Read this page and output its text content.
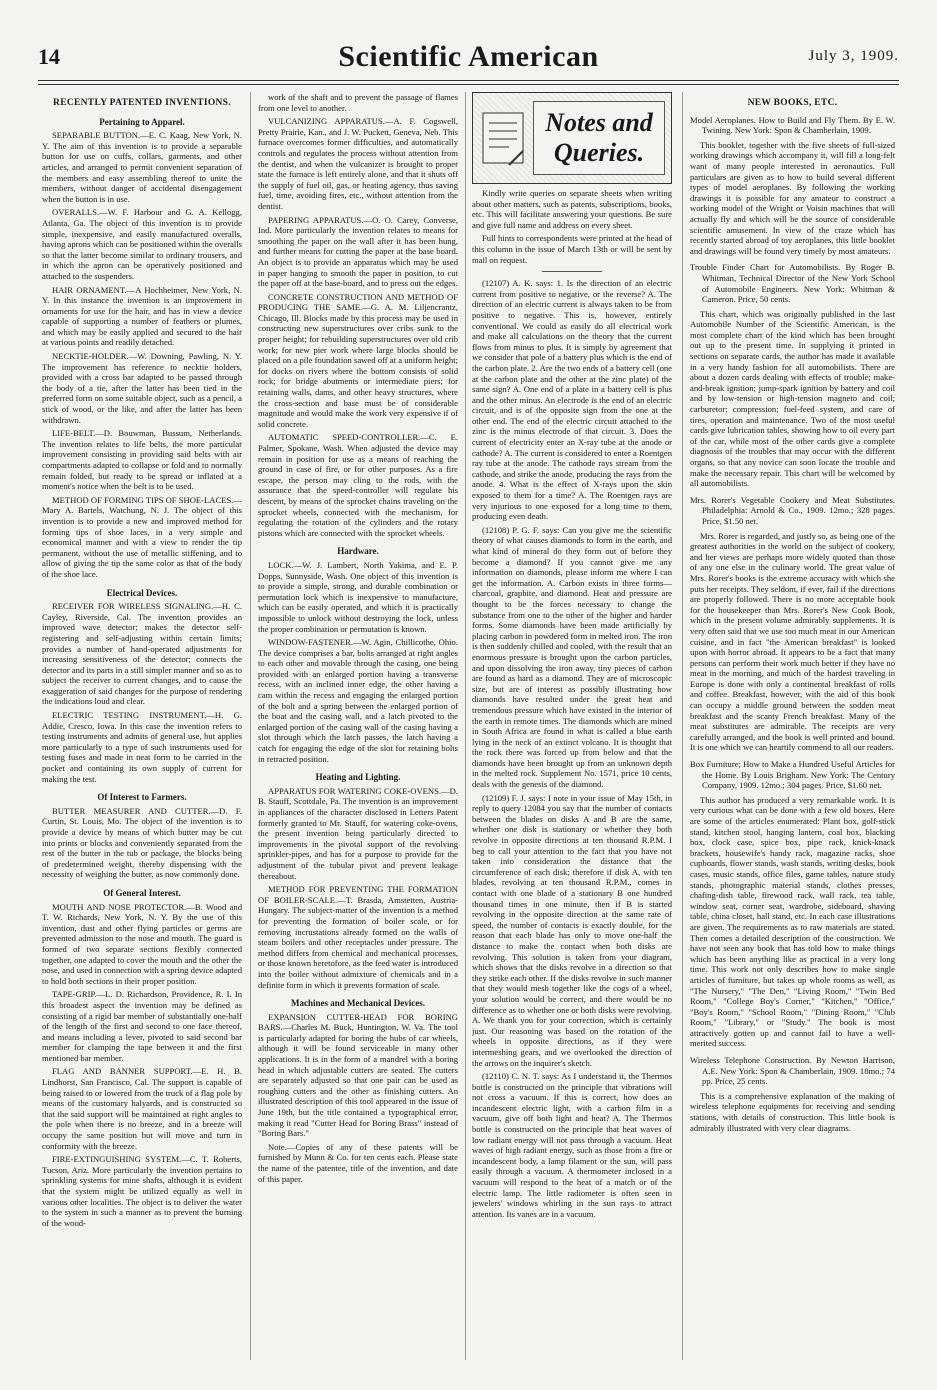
14	Scientific American	July 3, 1909.
RECENTLY PATENTED INVENTIONS.
Pertaining to Apparel.

SEPARABLE BUTTON.—E. C. Kaag, New York, N. Y. The aim of this invention is to provide a separable button for use on cuffs, collars, garments, and other articles, and arranged to permit convenient separation of the members and easy assembling thereof to unite the members, without danger of accidental disengagement when the button is in use.

OVERALLS.—W. F. Harbour and G. A. Kellogg, Atlanta, Ga. The object of this invention is to provide simple, inexpensive, and easily manufactured overalls, having aprons which can be positioned within the overalls so that the latter become similar to ordinary trousers, and in which the apron can be operatively positioned and attached to the suspenders.

HAIR ORNAMENT.—A Hochheimer, New York, N. Y. In this instance the invention is an improvement in ornaments for use for the hair, and has in view a device capable of supporting a number of feathers or plumes, and which may be easily applied and secured to the hair at various points and readily detached.

NECKTIE-HOLDER.—W. Downing, Pawling, N. Y. The improvement has reference to necktie holders, provided with a cross bar adapted to be passed through the body of a tie, after the latter has been tied in the preferred form on some suitable object, such as a pencil, a stick of wood, or the like, and after the latter has been withdrawn.

LIFE-BELT.—D. Bouwman, Bussum, Netherlands. The invention relates to life belts, the more particular improvement consisting in providing said belts with air compartments adapted to collapse or fold and to normally remain folded, but ready to be spread or inflated at a moment's notice when the belt is to be used.

METHOD OF FORMING TIPS OF SHOE-LACES.—Mary A. Bartels, Watchung, N. J. The object of this invention is to provide a new and improved method for forming tips of shoe laces, in a very simple and economical manner and with a view to render the tip permanent, without the use of metallic stiffening, and to allow of giving the tip the same color as that of the body of the shoe lace.

Electrical Devices.

RECEIVER FOR WIRELESS SIGNALING.—H. C. Cayley, Riverside, Cal. The invention provides an improved wave detector; makes the detector self-registering and self-adjusting within certain limits; provides a number of hand-operated adjustments for increasing sensitiveness of the detector; connects the detector and its parts in a still simpler manner and so as to subject the receiver to current changes, and to cause the exaggeration of said changes for the purpose of rendering the indications loud and clear.

ELECTRIC TESTING INSTRUMENT.—H. G. Addie, Cresco, Iowa. In this case the invention refers to testing instruments and admits of general use, but applies more particularly to a type of such instruments used for testing fuses and made in neat form to be carried in the pocket and containing its own supply of current for making the test.

Of Interest to Farmers.

BUTTER MEASURER AND CUTTER.—D. F. Curtin, St. Louis, Mo. The object of the invention is to provide a device by means of which butter may be cut into prints or blocks and conveniently separated from the rest of the butter in the tub or package, the blocks being of predetermined weight, thereby dispensing with the necessity of weighing the butter, as now commonly done.

Of General Interest.

MOUTH AND NOSE PROTECTOR.—B. Wood and T. W. Richards, New York, N. Y. By the use of this invention, dust and other flying particles or germs are prevented admission to the nose and mouth. The guard is formed of two separate sections flexibly connected together, one adapted to cover the mouth and the other the nose, and used in connection with a spring device adapted to hold both sections in their proper position.

TAPE-GRIP.—L. D. Richardson, Providence, R. I. In this broadest aspect the invention may be defined as consisting of a rigid bar member of substantially one-half of the length of the first and second to one face thereof, and means including a lever, pivoted to said second bar member for clamping the tape between it and the first mentioned bar member.

FLAG AND BANNER SUPPORT.—E. H. B. Lindhorst, San Francisco, Cal. The support is capable of being raised to or lowered from the truck of a flag pole by means of the customary halyards, and is constructed so that the said support will be maintained at right angles to the pole when there is no breeze, and in a breeze will occupy the same position but will move and turn in conformity with the breeze.

FIRE-EXTINGUISHING SYSTEM.—C. T. Roberts, Tucson, Ariz. More particularly the invention pertains to sprinkling systems for mine shafts, although it is evident that the system might be utilized equally as well in various other localities. The object is to deliver the water to the system in such a manner as to prevent the burning of the wood-

work of the shaft and to prevent the passage of flames from one level to another.

VULCANIZING APPARATUS.—A. F. Cogswell, Pretty Prairie, Kan., and J. W. Puckett, Geneva, Neb. This furnace overcomes former difficulties, and automatically controls and regulates the process without attention from the dentist, and when the vulcanizer is brought to proper state the furnace is left entirely alone, and that it shuts off the supply of fuel oil, gas, or heating agency, thus saving fuel, time, avoiding fires, etc., without attention from the dentist.

PAPERING APPARATUS.—O. O. Carey, Converse, Ind. More particularly the invention relates to means for smoothing the paper on the wall after it has been hung, and further means for cutting the paper at the base board. An object is to provide an apparatus which may be used in paper hanging to smooth the paper in position, to cut the paper off at the base-board, and to press out the edges.

CONCRETE CONSTRUCTION AND METHOD OF PRODUCING THE SAME.—G. A. M. Liljencrantz, Chicago, Ill. Blocks made by this process may be used in constructing new superstructures over cribs sunk to the proper height; for rebuilding superstructures over old crib work; for new pier work where large blocks should be placed on a pile foundation sawed off at a uniform height; for docks on rivers where the bottom consists of solid rock; for bridge abutments or intermediate piers; for retaining walls, dams, and other heavy structures, where the cross-section and base must be of considerable magnitude and would make the work very expensive if of solid concrete.

AUTOMATIC SPEED-CONTROLLER.—C. E. Palmer, Spokane, Wash. When adjusted the device may remain in position for use as a means of reaching the ground in case of fire, or for other purposes. As a fire escape, the person may cling to the rods, with the assurance that the speed-controller will regulate his descent, by means of the sprocket chains traveling on the sprocket wheels, connected with the mechanism, for regulating the rotation of the cylinders and the rotary pistons which are connected with the sprocket wheels.

Hardware.

LOCK.—W. J. Lambert, North Yakima, and E. P. Dopps, Sunnyside, Wash. One object of this invention is to provide a simple, strong, and durable combination or permutation lock which is inexpensive to manufacture, which can be easily operated, and which it is practically impossible to unlock without destroying the lock, unless the proper combination or permutation is known.

WINDOW-FASTENER.—W. Agin, Chillicothe, Ohio. The device comprises a bar, bolts arranged at right angles to each other and movable through the casing, one being provided with an enlarged portion having a transverse recess, with an inclined inner edge, the other having a cam within the recess and engaging the enlarged portion of the bolt and a spring between the enlarged portion of the boat and the casing wall, and a latch pivoted to the enlarged portion of the casing wall of the casing having a slot through which the latch passes, the latch having a catch for engaging the edge of the slot for retaining bolts in retracted position.

Heating and Lighting.

APPARATUS FOR WATERING COKE-OVENS.—D. B. Stauff, Scottdale, Pa. The invention is an improvement in appliances of the character disclosed in Letters Patent formerly granted to Mr. Stauff, for watering coke-ovens, the present invention being particularly directed to improvements in the pivotal support of the revolving sprinkler-pipes, and has for a purpose to provide for the adjustment of the tubular pivot and prevent leakage thereabout.

METHOD FOR PREVENTING THE FORMATION OF BOILER-SCALE.—T. Brasda, Amstetten, Austria-Hungary. The subject-matter of the invention is a method for preventing the formation of boiler scale, or for removing incrustations already formed on the walls of steam boilers and other receptacles under pressure. The method differs from chemical and mechanical processes, or those known heretofore, as the feed water is introduced into the boiler without admixture of chemicals and in a definite form in which it prevents formation of scale.

Machines and Mechanical Devices.

EXPANSION CUTTER-HEAD FOR BORING BARS.—Charles M. Buck, Huntington, W. Va. The tool is particularly adapted for boring the hubs of car wheels, although it will be found serviceable in many other applications. It is in the form of a mandrel with a boring head in which adjustable cutters are seated. The cutters are separately adjusted so that one pair can be used as roughing cutters and the other as finishing cutters. An illustrated description of this tool appeared in the issue of June 19th, but the title contained a typographical error, making it read "Cutter Head for Boring Brass" instead of "Boring Bars."

Note.—Copies of any of these patents will be furnished by Munn & Co. for ten cents each. Please state the name of the patentee, title of the invention, and date of this paper.

Notes and Queries.

Kindly write queries on separate sheets when writing about other matters, such as patents, subscriptions, books, etc. This will facilitate answering your questions. Be sure and give full name and address on every sheet.

Full hints to correspondents were printed at the head of this column in the issue of March 13th or will be sent by mail on request.

(12107) A. K. says: 1. Is the direction of an electric current from positive to negative, or the reverse? A. The direction of an electric current is always taken to be from positive to negative. This is, however, entirely conventional. We could as easily do all electrical work and make all calculations on the theory that the current flows from minus to plus. It is simply by agreement that we consider that pole of a battery plus which is the end of the carbon plate. 2. Are the two ends of a battery cell (one at the carbon plate and the other at the zinc plate) of the same sign? A. One end of a plate in a battery cell is plus and the other minus. An electrode is the end of an electric circuit, and is of the opposite sign from the one at the other end. The end of the electric circuit attached to the zinc is the minus electrode of that circuit. 3. Does the current of electricity enter an X-ray tube at the anode or cathode? A. The current is considered to enter a Roentgen ray tube at the anode. The cathode rays stream from the cathode, and strike the anode, producing the rays from the anode. 4. What is the effect of X-rays upon the skin exposed to them for a time? A. The Roentgen rays are very injurious to one exposed for a long time to them, producing even death.

(12108) P. G. F. says: Can you give me the scientific theory of what causes diamonds to form in the earth, and what kind of mineral do they form out of before they become a diamond? If you cannot give me any information on diamonds, please inform me where I can get the information. A. Carbon exists in three forms—charcoal, graphite, and diamond. Heat and pressure are thought to be the forces necessary to change the substance from one to the other of the higher and harder forms. Some diamonds have been made artificially by placing carbon in powdered form in melted iron. The iron is then suddenly chilled and cooled, with the result that an enormous pressure is brought upon the carbon particles, and upon dissolving the iron away, tiny pieces of carbon are found as hard as a diamond. They are of microscopic size, but are of interest as possibly illustrating how diamonds have resulted under the great heat and tremendous pressure which have existed in the interior of the earth in remote times. The diamonds which are mined in South Africa are found in what is called a blue earth lying in the neck of an extinct volcano. It is thought that the rock there was forced up from below and that the diamonds have been brought up from an unknown depth in the melted rock. Supplement No. 1571, price 10 cents, deals with the genesis of the diamond.

(12109) F. J. says: I note in your issue of May 15th, in reply to query 12084 you say that the number of contacts between the blades on disks A and B are the same, whether one disk is stationary or whether they both revolve in opposite directions at ten thousand R.P.M. I beg to call your attention to the fact that you have not taken into consideration the distance that the circumference of each disk; therefore if disk A, with ten blades, revolving at ten thousand R.P.M., comes in contact with one blade of a stationary B one hundred thousand times in one minute, then if B is started revolving in the opposite direction at the same rate of speed, the number of contacts is exactly double, for the reason that each blade has only to move one-half the distance to make the contact when both disks are revolving. This solution is taken from your diagram, which shows that the disks revolve in a direction so that they strike each other. If the disks revolve in such manner that they would mesh together like the cogs of a wheel, your solution would be correct, and there would be no difference as to whether one or both disks were revolving. A. We thank you for your correction, which is certainly just. Our reasoning was based on the rotation of the wheels in opposite directions, as if they were intermeshing gears, and we overlooked the direction of the arrows on the inquirer's sketch.

(12110) C. N. T. says: As I understand it, the Thermos bottle is constructed on the principle that vibrations will not cross a vacuum. If this is correct, how does an incandescent electric light, with a carbon film in a vacuum, give off both light and heat? A. The Thermos bottle is constructed on the principle that heat waves of low radiant energy will not pass through a vacuum. Heat waves of high radiant energy, such as those from a fire or incandescent body, a lamp filament or the sun, will pass easily through a vacuum. A thermometer inclosed in a vacuum will respond to the heat of a match or of the electric lamp. The little radiometer is often seen in jewelers' windows whirling in the sun rays to attract attention. Its vanes are in a vacuum.

NEW BOOKS, ETC.

Model Aeroplanes. How to Build and Fly Them. By E. W. Twining. New York: Spon & Chamberlain, 1909.

This booklet, together with the five sheets of full-sized working drawings which accompany it, will fill a long-felt want of many people interested in aeronautics. Full particulars are given as to how to build several different types of model aeroplanes. By following the working drawings it is possible for any amateur to construct a working model of the Wright or Voisin machines that will actually fly and which will be the source of considerable scientific amusement. In view of the craze which has recently started abroad of toy aeroplanes, this little booklet and drawings will be found very timely by most amateurs.

Trouble Finder Chart for Automobilists. By Roger B. Whitman, Technical Director of the New York School of Automobile Engineers. New York: Whitman & Cameron. Price, 50 cents.

This chart, which was originally published in the last Automobile Number of the Scientific American, is the most complete chart of the kind which has been brought out up to the present time. In supplying it printed in sections on separate cards, the author has made it available in a very handy fashion for all automobilists. There are about a dozen cards dealing with effects of trouble; make-and-break ignition; jump-spark ignition by battery and coil and by low-tension or high-tension magneto and coil; carburetor; compression; fuel-feed system, and care of tires, operation and maintenance. Two of the most useful cards give lubrication tables, showing how to oil every part of the car, while most of the other cards give a complete diagnosis of the troubles that may occur with the different organs, so that any novice can soon locate the trouble and make the necessary repair. This chart will be welcomed by all automobilists.

Mrs. Rorer's Vegetable Cookery and Meat Substitutes. Philadelphia: Arnold & Co., 1909. 12mo.; 328 pages. Price, $1.50 net.

Mrs. Rorer is regarded, and justly so, as being one of the greatest authorities in the world on the subject of cookery, and her views are perhaps more widely quoted than those of any one else in the culinary world. The great value of Mrs. Rorer's books is the extreme accuracy with which she puts her receipts. They seldom, if ever, fail if the directions are properly followed. There is no more acceptable book for the housekeeper than Mrs. Rorer's New Cook Book, which in the present volume admirably supplements. It is very often said that we use too much meat in our American cuisine, and in fact "the American breakfast" is looked upon with horror abroad. It appears to be a fact that many persons can perform their work much better if they have no meat in the morning, and much of the hardest traveling in Europe is done with only a continental breakfast of rolls and coffee. Breakfast, however, with the aid of this book can occupy a middle ground between the sodden meat breakfast and the scanty French breakfast. Many of the meat substitutes are admirable. The receipts are very carefully arranged, and the book is well printed and bound. It is one which we can heartily commend to all our readers.

Box Furniture; How to Make a Hundred Useful Articles for the Home. By Louis Brigham. New York: The Century Company, 1909. 12mo.; 304 pages. Price, $1.60 net.

This author has produced a very remarkable work. It is very curious what can be done with a few old boxes. Here are some of the articles enumerated: Plant box, golf-stick stand, kitchen stool, hanging lantern, coal box, blacking box, clock case, spice box, pipe rack, knick-knack brackets, housewife's handy rack, magazine racks, shoe cupboards, flower stands, wash stands, writing desks, book cases, music stands, office files, game tables, nature study stands, photographic material stands, clothes presses, chafing-dish table, firewood rack, wall rack, tea table, window seat, corner seat, wardrobe, sideboard, shaving table, china closet, hall stand, etc. In each case illustrations are given. The requirements as to raw materials are stated. Then comes a detailed description of the construction. We have not seen any book that has told how to make things which has been anything like as practical in a very long time. This work not only describes how to make single articles of furniture, but takes up whole rooms as well, as "The Nursery," "The Den," "Living Room," "Twin Bed Room," "College Boy's Corner," "Kitchen," "Office," "Boy's Room," "School Room," "Dining Room," "Club Room," "Library," or "Study." The book is most attractively gotten up and cannot fail to have a well-merited success.

Wireless Telephone Construction. By Newton Harrison, A.E. New York: Spon & Chamberlain, 1909. 18mo.; 74 pp. Price, 25 cents.

This is a comprehensive explanation of the making of wireless telephone equipments for receiving and sending stations, with details of construction. This little book is admirably illustrated with very clear diagrams.
